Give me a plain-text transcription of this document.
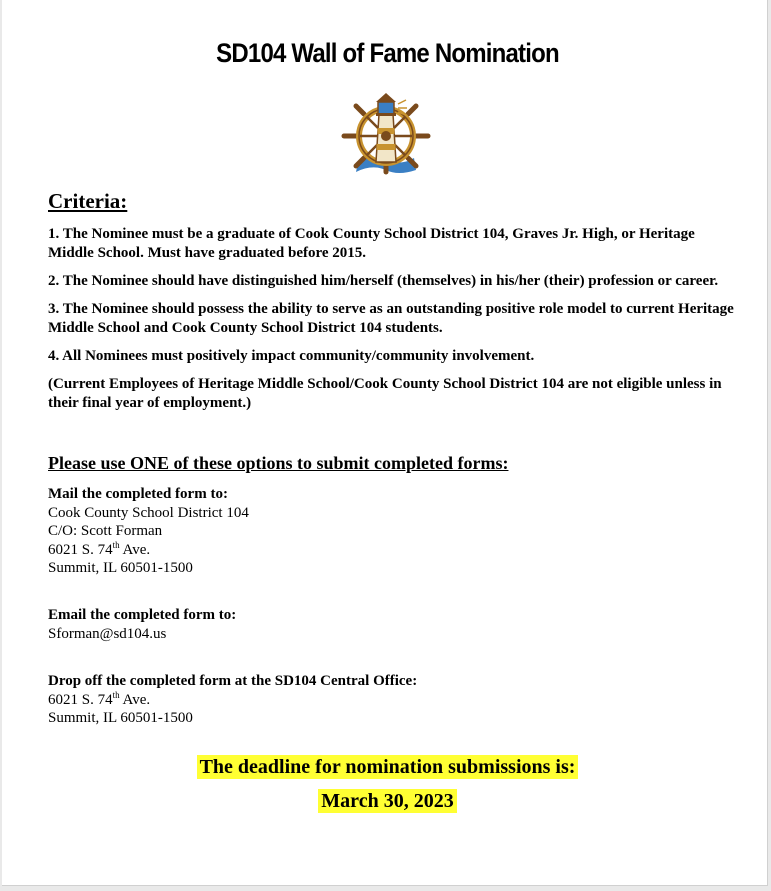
SD104 Wall of Fame Nomination
Criteria:

1. The Nominee must be a graduate of Cook County School District 104, Graves Jr. High, or Heritage Middle School. Must have graduated before 2015.

2. The Nominee should have distinguished him/herself (themselves) in his/her (their) profession or career.

3. The Nominee should possess the ability to serve as an outstanding positive role model to current Heritage Middle School and Cook County School District 104 students.

4. All Nominees must positively impact community/community involvement.

(Current Employees of Heritage Middle School/Cook County School District 104 are not eligible unless in their final year of employment.)

Please use ONE of these options to submit completed forms:
Mail the completed form to:
Cook County School District 104
C/O: Scott Forman
6021 S. 74th Ave.
Summit, IL 60501-1500
Email the completed form to:
Sforman@sd104.us
Drop off the completed form at the SD104 Central Office:
6021 S. 74th Ave.
Summit, IL 60501-1500
The deadline for nomination submissions is:
March 30, 2023
